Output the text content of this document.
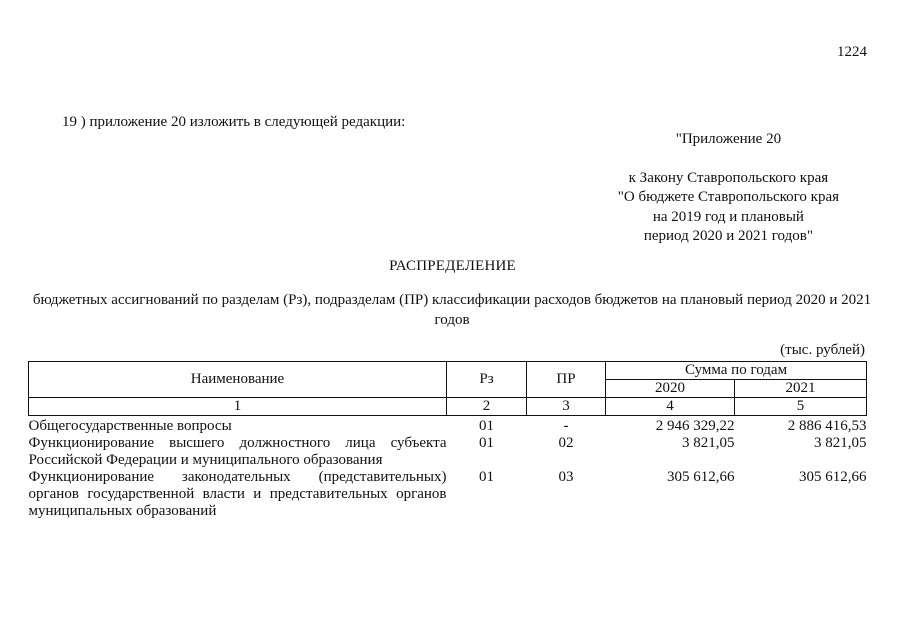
1224
19 ) приложение 20 изложить в следующей редакции:
"Приложение 20
к Закону Ставропольского края
"О бюджете Ставропольского края
на 2019 год и плановый
период 2020 и 2021 годов"
РАСПРЕДЕЛЕНИЕ
бюджетных ассигнований по разделам (Рз), подразделам (ПР) классификации расходов бюджетов на плановый период 2020 и 2021 годов
(тыс. рублей)
Наименование	Рз	ПР	Сумма по годам	
			2020	2021
1	2	3	4	5
Общегосударственные вопросы	01	-	2 946 329,22	2 886 416,53
Функционирование высшего должностного лица субъекта Российской Федерации и муниципального образования	01	02	3 821,05	3 821,05
Функционирование законодательных (представительных) органов государственной власти и представительных органов муниципальных образований	01	03	305 612,66	305 612,66
